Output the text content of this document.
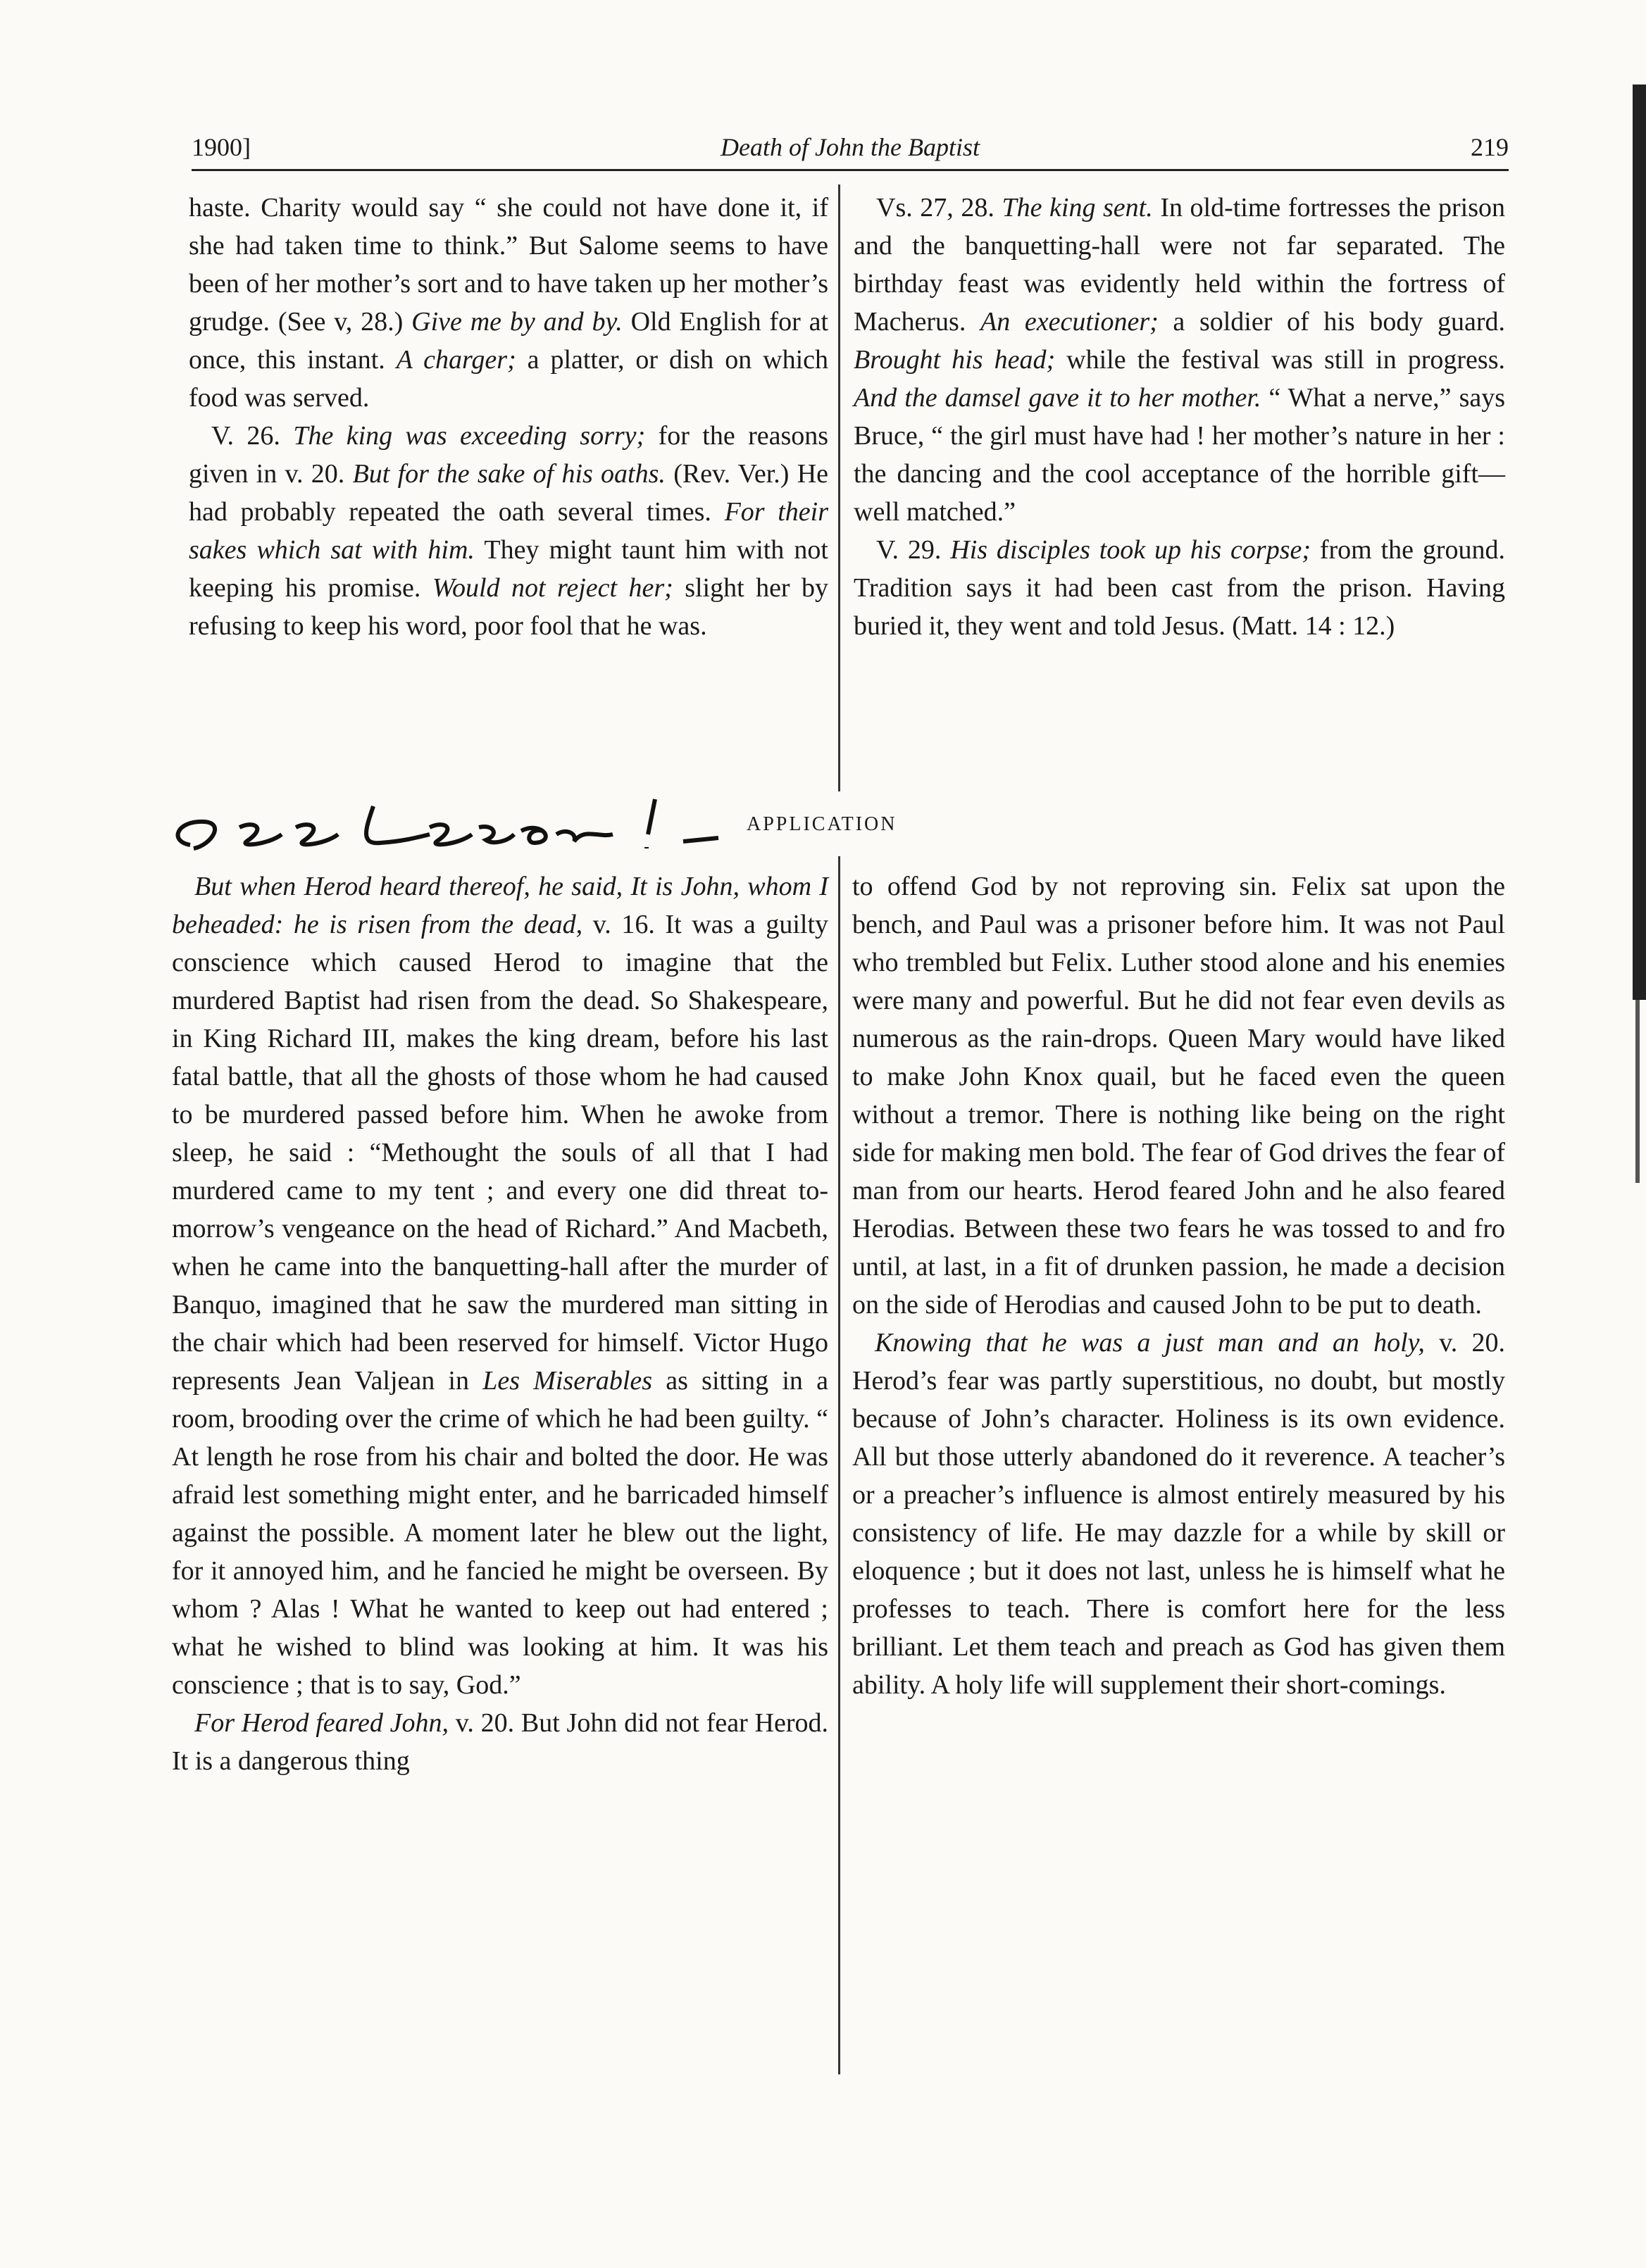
1900]	Death of John the Baptist	219

haste. Charity would say “ she could not have done it, if she had taken time to think.” But Salome seems to have been of her mother’s sort and to have taken up her mother’s grudge. (See v, 28.) Give me by and by. Old English for at once, this instant. A charger; a platter, or dish on which food was served.

V. 26. The king was exceeding sorry; for the reasons given in v. 20. But for the sake of his oaths. (Rev. Ver.) He had probably repeated the oath several times. For their sakes which sat with him. They might taunt him with not keeping his promise. Would not reject her; slight her by refusing to keep his word, poor fool that he was.

Vs. 27, 28. The king sent. In old-time fortresses the prison and the banquetting-hall were not far separated. The birthday feast was evidently held within the fortress of Macherus. An executioner; a soldier of his body guard. Brought his head; while the festival was still in progress. And the damsel gave it to her mother. “ What a nerve,” says Bruce, “ the girl must have had ! her mother’s nature in her : the dancing and the cool acceptance of the horrible gift—well matched.”

V. 29. His disciples took up his corpse; from the ground. Tradition says it had been cast from the prison. Having buried it, they went and told Jesus. (Matt. 14 : 12.)

APPLICATION

But when Herod heard thereof, he said, It is John, whom I beheaded: he is risen from the dead, v. 16. It was a guilty conscience which caused Herod to imagine that the murdered Baptist had risen from the dead. So Shakespeare, in King Richard III, makes the king dream, before his last fatal battle, that all the ghosts of those whom he had caused to be murdered passed before him. When he awoke from sleep, he said : “Methought the souls of all that I had murdered came to my tent ; and every one did threat to-morrow’s vengeance on the head of Richard.” And Macbeth, when he came into the banquetting-hall after the murder of Banquo, imagined that he saw the murdered man sitting in the chair which had been reserved for himself. Victor Hugo represents Jean Valjean in Les Miserables as sitting in a room, brooding over the crime of which he had been guilty. “ At length he rose from his chair and bolted the door. He was afraid lest something might enter, and he barricaded himself against the possible. A moment later he blew out the light, for it annoyed him, and he fancied he might be overseen. By whom ? Alas ! What he wanted to keep out had entered ; what he wished to blind was looking at him. It was his conscience ; that is to say, God.”

For Herod feared John, v. 20. But John did not fear Herod. It is a dangerous thing

to offend God by not reproving sin. Felix sat upon the bench, and Paul was a prisoner before him. It was not Paul who trembled but Felix. Luther stood alone and his enemies were many and powerful. But he did not fear even devils as numerous as the rain-drops. Queen Mary would have liked to make John Knox quail, but he faced even the queen without a tremor. There is nothing like being on the right side for making men bold. The fear of God drives the fear of man from our hearts. Herod feared John and he also feared Herodias. Between these two fears he was tossed to and fro until, at last, in a fit of drunken passion, he made a decision on the side of Herodias and caused John to be put to death.

Knowing that he was a just man and an holy, v. 20. Herod’s fear was partly superstitious, no doubt, but mostly because of John’s character. Holiness is its own evidence. All but those utterly abandoned do it reverence. A teacher’s or a preacher’s influence is almost entirely measured by his consistency of life. He may dazzle for a while by skill or eloquence ; but it does not last, unless he is himself what he professes to teach. There is comfort here for the less brilliant. Let them teach and preach as God has given them ability. A holy life will supplement their short-comings.
